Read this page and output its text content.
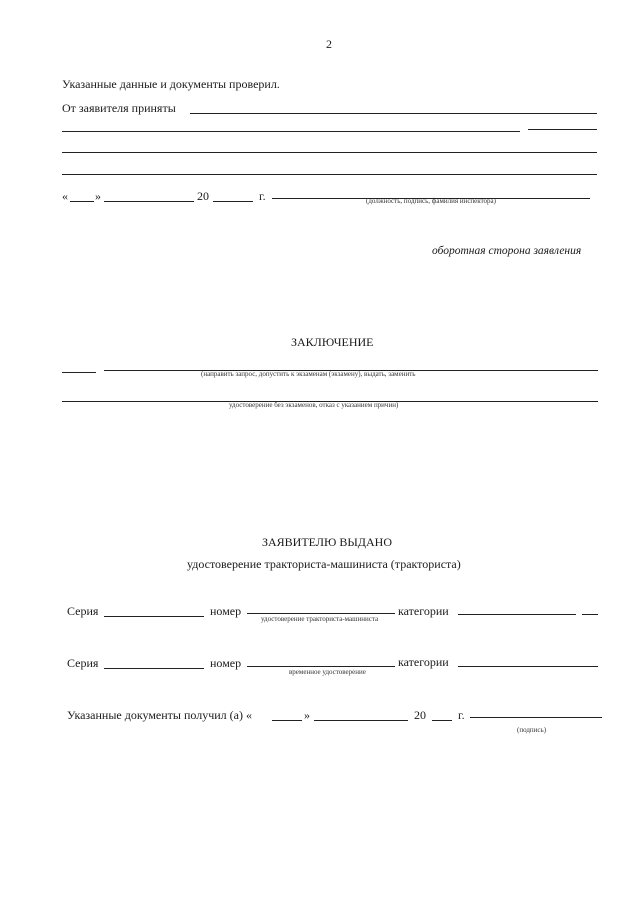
2
Указанные данные и документы проверил.
От заявителя приняты
« »	20	г.	(должность, подпись, фамилия инспектора)
оборотная сторона заявления
ЗАКЛЮЧЕНИЕ
(направить запрос, допустить к экзаменам (экзамену), выдать, заменить
удостоверение без экзаменов, отказ с указанием причин)
ЗАЯВИТЕЛЮ ВЫДАНО
удостоверение тракториста-машиниста (тракториста)
Серия	номер
удостоверение тракториста-машиниста
категории
Серия	номер
временное удостоверение
категории
Указанные документы получил (а) «	»	20	г.
(подпись)
